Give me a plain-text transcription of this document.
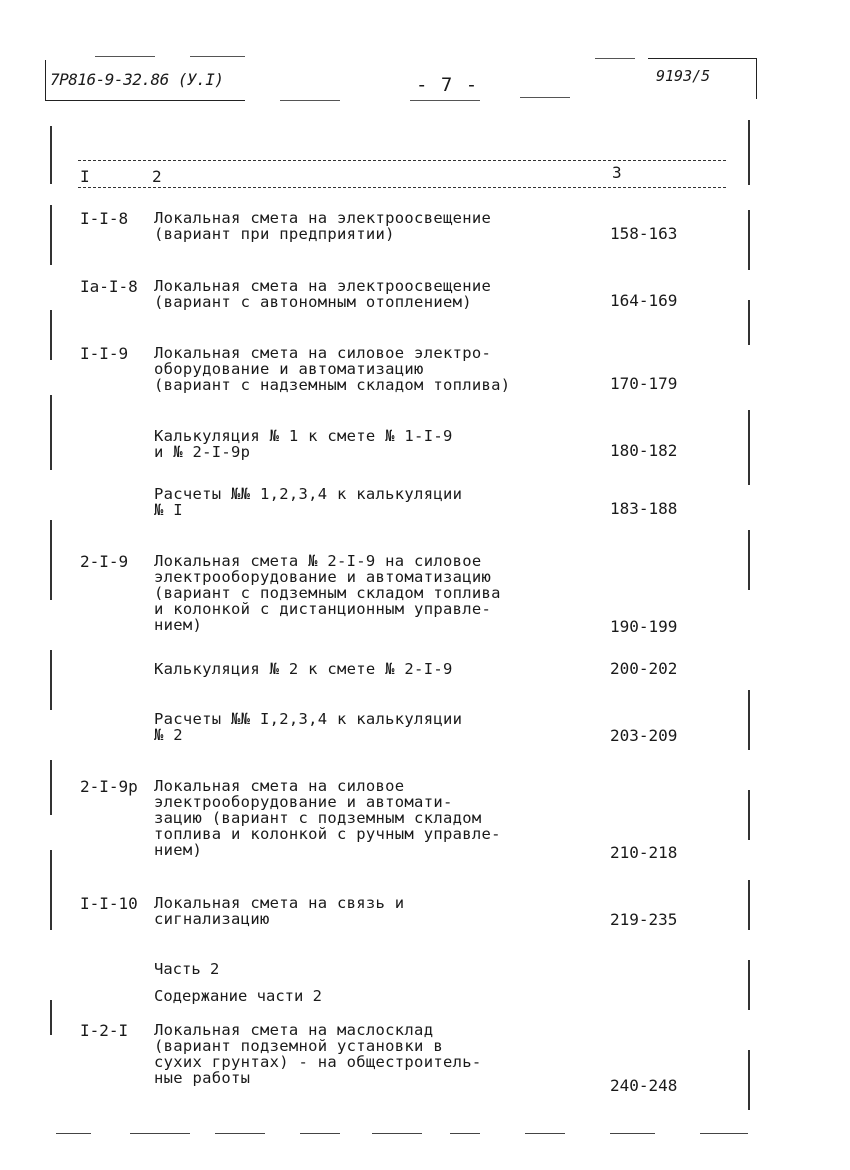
7Р816-9-32.86 (У.I)	- 7 -	9193/5
I	2	3
I-I-8 Локальная смета на электроосвещение
(вариант при предприятии)	158-163
Iа-I-8 Локальная смета на электроосвещение
(вариант с автономным отоплением)	164-169
I-I-9 Локальная смета на силовое электро-
оборудование и автоматизацию
(вариант с надземным складом топлива)	170-179
Калькуляция № 1 к смете № 1-I-9
и № 2-I-9р	180-182
Расчеты №№ 1,2,3,4 к калькуляции
№ I	183-188
2-I-9 Локальная смета № 2-I-9 на силовое
электрооборудование и автоматизацию
(вариант с подземным складом топлива
и колонкой с дистанционным управле-
нием)	190-199
Калькуляция № 2 к смете № 2-I-9	200-202
Расчеты №№ I,2,3,4 к калькуляции
№ 2	203-209
2-I-9р Локальная смета на силовое
электрооборудование и автомати-
зацию (вариант с подземным складом
топлива и колонкой с ручным управле-
нием)	210-218
I-I-10 Локальная смета на связь и
сигнализацию	219-235
Часть 2
Содержание части 2
I-2-I Локальная смета на маслосклад
(вариант подземной установки в
сухих грунтах) - на общестроитель-
ные работы	240-248
